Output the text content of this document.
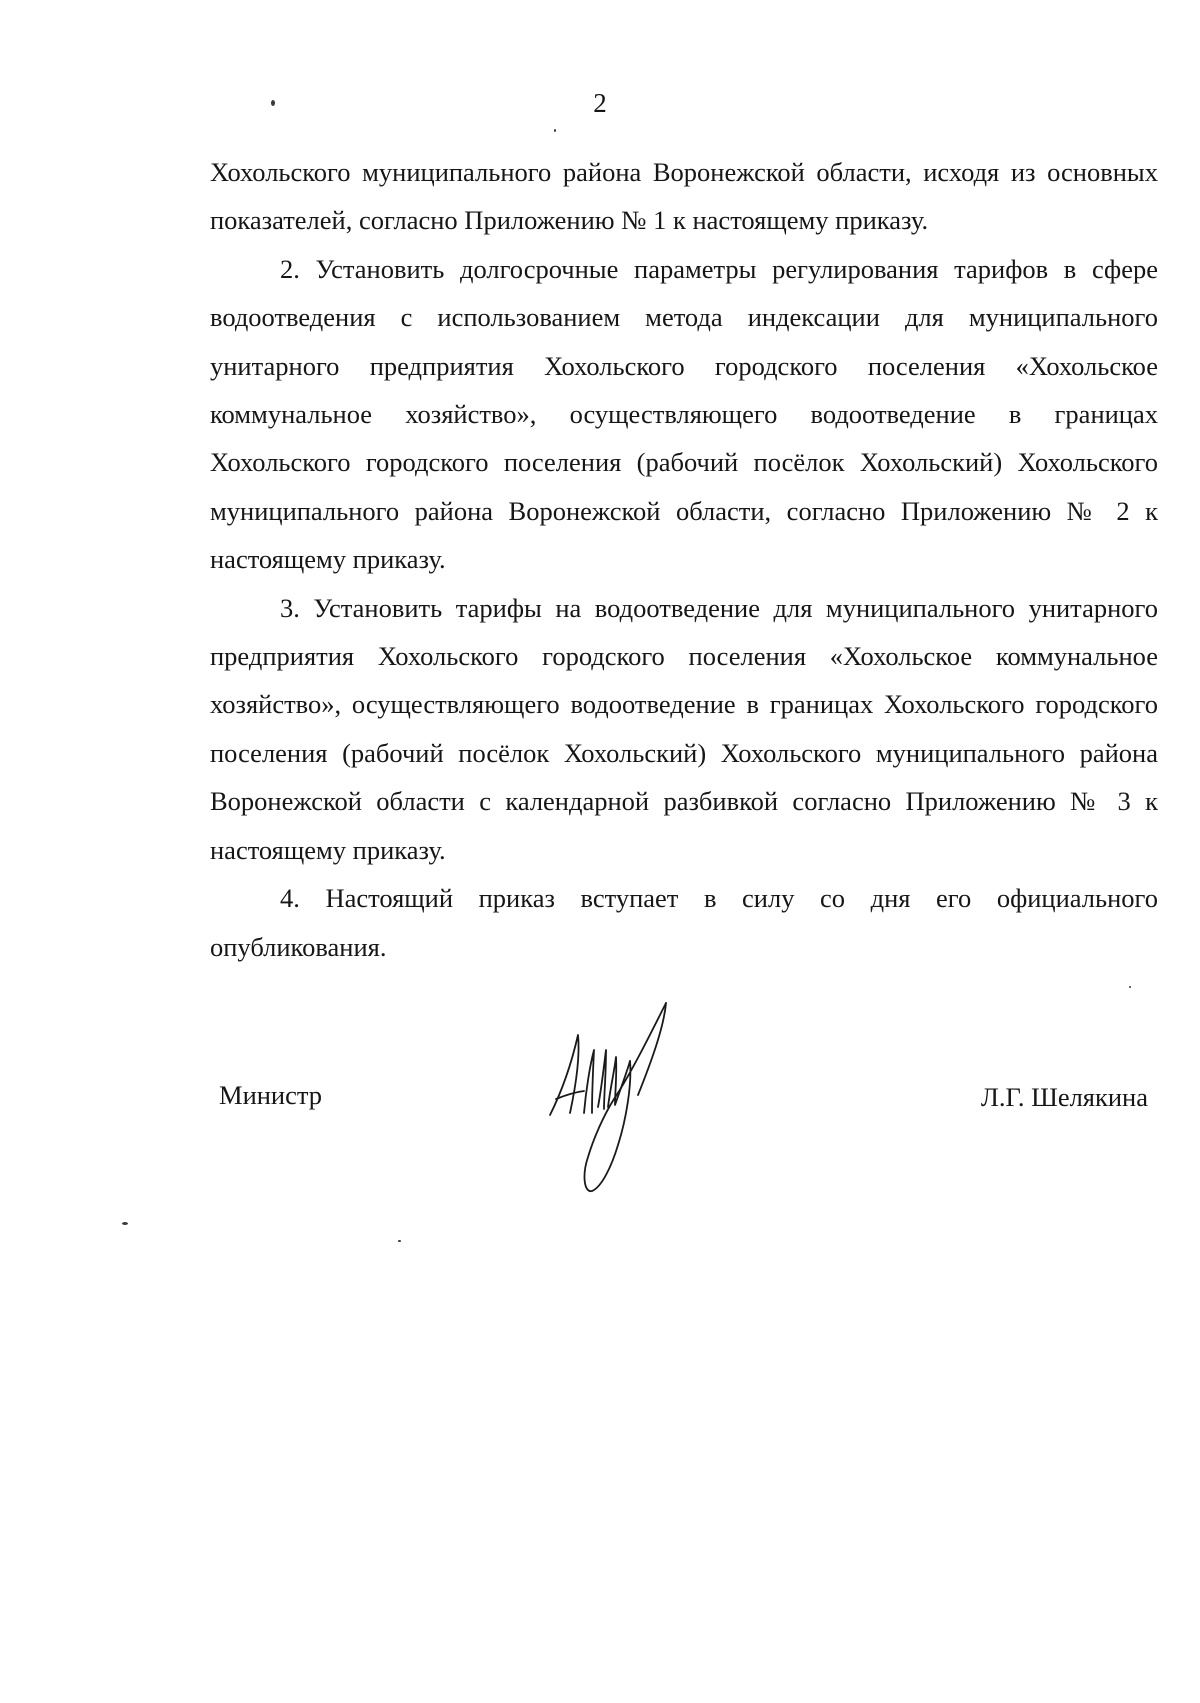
2

Хохольского муниципального района Воронежской области, исходя из основных показателей, согласно Приложению № 1 к настоящему приказу.

2. Установить долгосрочные параметры регулирования тарифов в сфере водоотведения с использованием метода индексации для муниципального унитарного предприятия Хохольского городского поселения «Хохольское коммунальное хозяйство», осуществляющего водоотведение в границах Хохольского городского поселения (рабочий посёлок Хохольский) Хохольского муниципального района Воронежской области, согласно Приложению № 2 к настоящему приказу.

3. Установить тарифы на водоотведение для муниципального унитарного предприятия Хохольского городского поселения «Хохольское коммунальное хозяйство», осуществляющего водоотведение в границах Хохольского городского поселения (рабочий посёлок Хохольский) Хохольского муниципального района Воронежской области с календарной разбивкой согласно Приложению № 3 к настоящему приказу.

4. Настоящий приказ вступает в силу со дня его официального опубликования.

Министр	Л.Г. Шелякина
